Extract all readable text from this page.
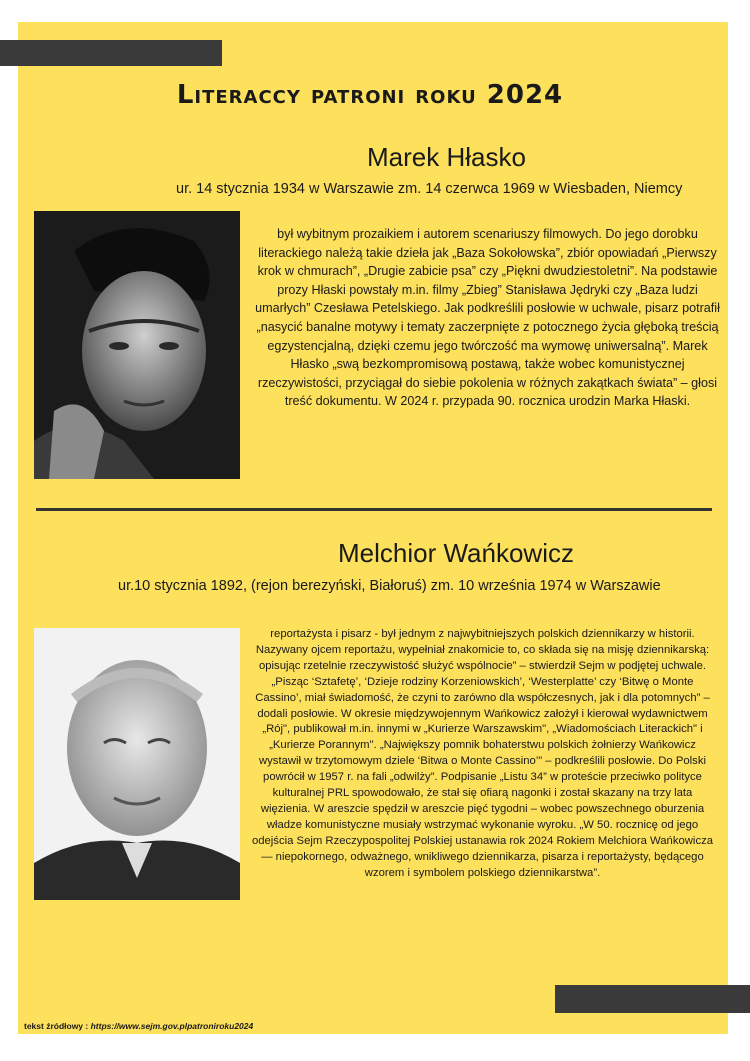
Literaccy patroni roku 2024
Marek Hłasko
ur. 14 stycznia 1934 w Warszawie zm. 14 czerwca 1969 w Wiesbaden, Niemcy
był wybitnym prozaikiem i autorem scenariuszy filmowych. Do jego dorobku literackiego należą takie dzieła jak „Baza Sokołowska”, zbiór opowiadań „Pierwszy krok w chmurach”, „Drugie zabicie psa” czy „Piękni dwudziestoletni”. Na podstawie prozy Hłaski powstały m.in. filmy „Zbieg” Stanisława Jędryki czy „Baza ludzi umarłych” Czesława Petelskiego. Jak podkreślili posłowie w uchwale, pisarz potrafił „nasycić banalne motywy i tematy zaczerpnięte z potocznego życia głęboką treścią egzystencjalną, dzięki czemu jego twórczość ma wymowę uniwersalną”. Marek Hłasko „swą bezkompromisową postawą, także wobec komunistycznej rzeczywistości, przyciągał do siebie pokolenia w różnych zakątkach świata” – głosi treść dokumentu. W 2024 r. przypada 90. rocznica urodzin Marka Hłaski.
Melchior Wańkowicz
ur.10 stycznia 1892, (rejon berezyński, Białoruś) zm. 10 września 1974 w Warszawie
reportażysta i pisarz - był jednym z najwybitniejszych polskich dziennikarzy w historii. Nazywany ojcem reportażu, wypełniał znakomicie to, co składa się na misję dziennikarską: opisując rzetelnie rzeczywistość służyć wspólnocie” – stwierdził Sejm w podjętej uchwale. „Pisząc ‘Sztafetę’, ‘Dzieje rodziny Korzeniowskich’, ‘Westerplatte’ czy ‘Bitwę o Monte Cassino’, miał świadomość, że czyni to zarówno dla współczesnych, jak i dla potomnych” – dodali posłowie. W okresie międzywojennym Wańkowicz założył i kierował wydawnictwem „Rój", publikował m.in. innymi w „Kurierze Warszawskim", „Wiadomościach Literackich" i „Kurierze Porannym". „Największy pomnik bohaterstwu polskich żołnierzy Wańkowicz wystawił w trzytomowym dziele ‘Bitwa o Monte Cassino’” – podkreślili posłowie. Do Polski powrócił w 1957 r. na fali „odwilży”. Podpisanie „Listu 34” w proteście przeciwko polityce kulturalnej PRL spowodowało, że stał się ofiarą nagonki i został skazany na trzy lata więzienia. W areszcie spędził w areszcie pięć tygodni – wobec powszechnego oburzenia władze komunistyczne musiały wstrzymać wykonanie wyroku. „W 50. rocznicę od jego odejścia Sejm Rzeczypospolitej Polskiej ustanawia rok 2024 Rokiem Melchiora Wańkowicza — niepokornego, odważnego, wnikliwego dziennikarza, pisarza i reportażysty, będącego wzorem i symbolem polskiego dziennikarstwa”.
tekst źródłowy : https://www.sejm.gov.plpatroniroku2024
